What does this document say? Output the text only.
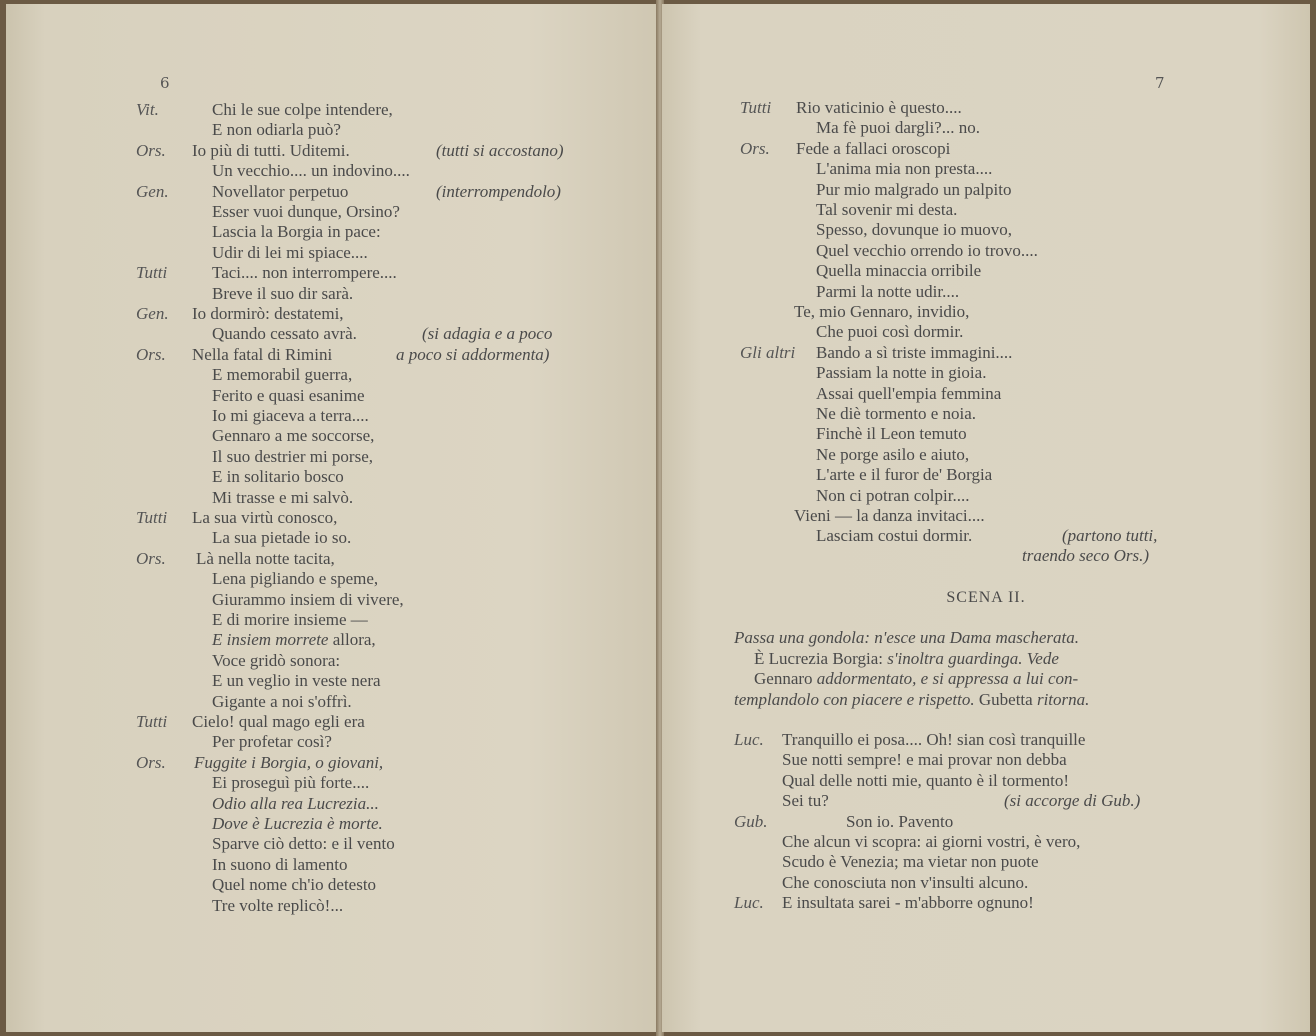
6
Vit.	Chi le sue colpe intendere,
E non odiarla può?
Ors. Io più di tutti. Uditemi.	(tutti si accostano)
Un vecchio.... un indovino....
Gen.	Novellator perpetuo	(interrompendolo)
Esser vuoi dunque, Orsino?
Lascia la Borgia in pace:
Udir di lei mi spiace....
Tutti	Taci.... non interrompere....
Breve il suo dir sarà.
Gen. Io dormirò: destatemi,
Quando cessato avrà.	(si adagia e a poco
Ors. Nella fatal di Rimini	a poco si addormenta)
E memorabil guerra,
Ferito e quasi esanime
Io mi giaceva a terra....
Gennaro a me soccorse,
Il suo destrier mi porse,
E in solitario bosco
Mi trasse e mi salvò.
Tutti La sua virtù conosco,
La sua pietade io so.
Ors. Là nella notte tacita,
Lena pigliando e speme,
Giurammo insiem di vivere,
E di morire insieme —
E insiem morrete allora,
Voce gridò sonora:
E un veglio in veste nera
Gigante a noi s'offrì.
Tutti Cielo! qual mago egli era
Per profetar così?
Ors. Fuggite i Borgia, o giovani,
Ei proseguì più forte....
Odio alla rea Lucrezia...
Dove è Lucrezia è morte.
Sparve ciò detto: e il vento
In suono di lamento
Quel nome ch'io detesto
Tre volte replicò!...
7
Tutti Rio vaticinio è questo....
Ma fè puoi dargli?... no.
Ors. Fede a fallaci oroscopi
L'anima mia non presta....
Pur mio malgrado un palpito
Tal sovenir mi desta.
Spesso, dovunque io muovo,
Quel vecchio orrendo io trovo....
Quella minaccia orribile
Parmi la notte udir....
Te, mio Gennaro, invidio,
Che puoi così dormir.
Gli altri Bando a sì triste immagini....
Passiam la notte in gioia.
Assai quell'empia femmina
Ne diè tormento e noia.
Finchè il Leon temuto
Ne porge asilo e aiuto,
L'arte e il furor de' Borgia
Non ci potran colpir....
Vieni — la danza invitaci....
Lasciam costui dormir.	(partono tutti,
traendo seco Ors.)
SCENA II.
Passa una gondola: n'esce una Dama mascherata.
È Lucrezia Borgia: s'inoltra guardinga. Vede
Gennaro addormentato, e si appressa a lui con-
templandolo con piacere e rispetto. Gubetta ritorna.
Luc. Tranquillo ei posa.... Oh! sian così tranquille
Sue notti sempre! e mai provar non debba
Qual delle notti mie, quanto è il tormento!
Sei tu?	(si accorge di Gub.)
Gub.	Son io. Pavento
Che alcun vi scopra: ai giorni vostri, è vero,
Scudo è Venezia; ma vietar non puote
Che conosciuta non v'insulti alcuno.
Luc. E insultata sarei - m'abborre ognuno!
